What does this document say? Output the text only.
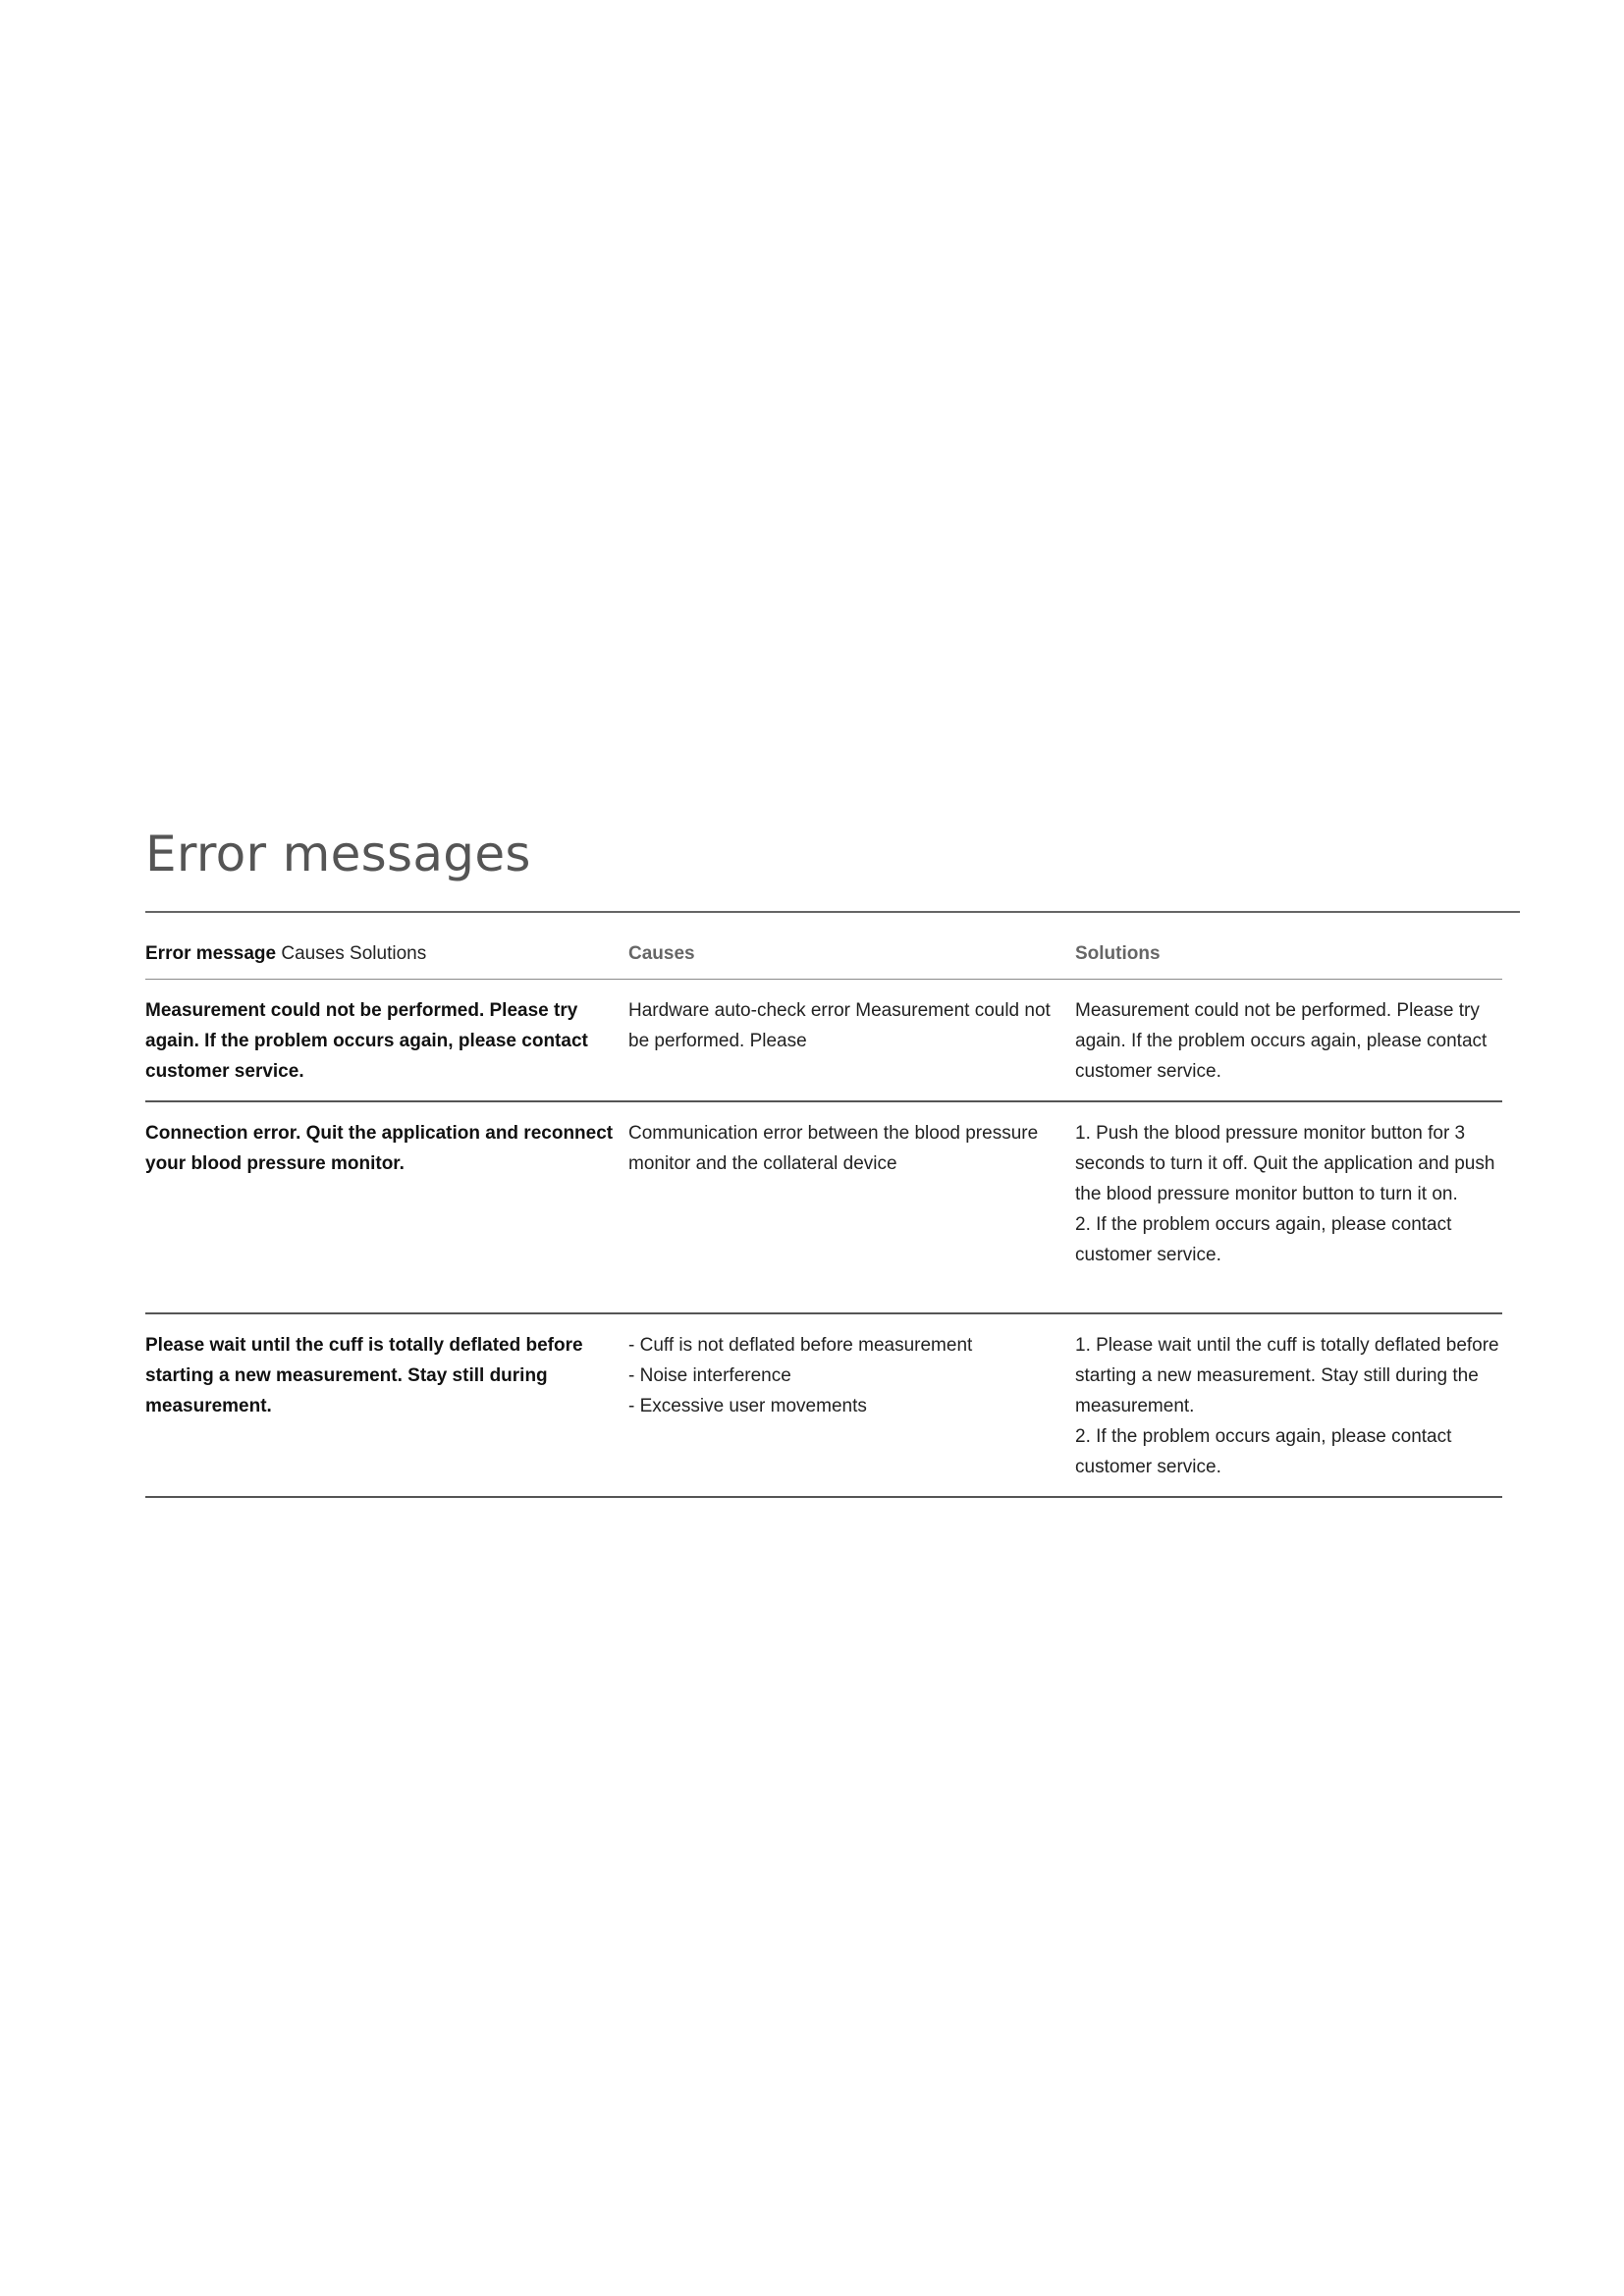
Error messages
Error message Causes Solutions	Causes	Solutions
Measurement could not be performed. Please try again. If the problem occurs again, please contact customer service.
Hardware auto-check error Measurement could not be performed. Please
Measurement could not be performed. Please try again. If the problem occurs again, please contact customer service.
Connection error. Quit the application and reconnect your blood pressure monitor.
Communication error between the blood pressure monitor and the collateral device
1. Push the blood pressure monitor button for 3 seconds to turn it off. Quit the application and push the blood pressure monitor button to turn it on.
2. If the problem occurs again, please contact customer service.
Please wait until the cuff is totally deflated before starting a new measurement. Stay still during measurement.
- Cuff is not deflated before measurement
- Noise interference
- Excessive user movements
1. Please wait until the cuff is totally deflated before starting a new measurement. Stay still during the measurement.
2. If the problem occurs again, please contact customer service.
